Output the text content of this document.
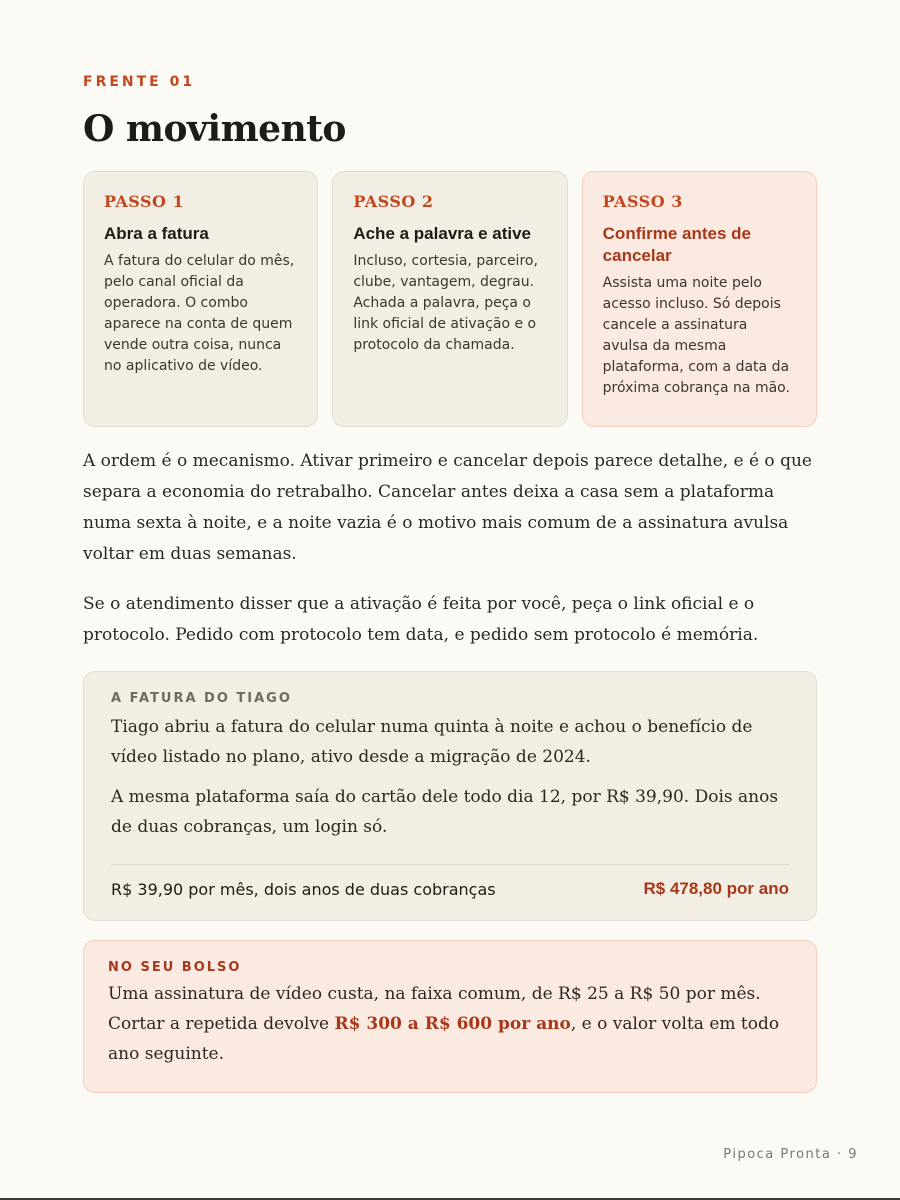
FRENTE 01
O movimento
PASSO 1
Abra a fatura
A fatura do celular do mês, pelo canal oficial da operadora. O combo aparece na conta de quem vende outra coisa, nunca no aplicativo de vídeo.
PASSO 2
Ache a palavra e ative
Incluso, cortesia, parceiro, clube, vantagem, degrau. Achada a palavra, peça o link oficial de ativação e o protocolo da chamada.
PASSO 3
Confirme antes de cancelar
Assista uma noite pelo acesso incluso. Só depois cancele a assinatura avulsa da mesma plataforma, com a data da próxima cobrança na mão.

A ordem é o mecanismo. Ativar primeiro e cancelar depois parece detalhe, e é o que separa a economia do retrabalho. Cancelar antes deixa a casa sem a plataforma numa sexta à noite, e a noite vazia é o motivo mais comum de a assinatura avulsa voltar em duas semanas.

Se o atendimento disser que a ativação é feita por você, peça o link oficial e o protocolo. Pedido com protocolo tem data, e pedido sem protocolo é memória.

A FATURA DO TIAGO

Tiago abriu a fatura do celular numa quinta à noite e achou o benefício de vídeo listado no plano, ativo desde a migração de 2024.

A mesma plataforma saía do cartão dele todo dia 12, por R$ 39,90. Dois anos de duas cobranças, um login só.

R$ 39,90 por mês, dois anos de duas cobranças	R$ 478,80 por ano
NO SEU BOLSO

Uma assinatura de vídeo custa, na faixa comum, de R$ 25 a R$ 50 por mês. Cortar a repetida devolve R$ 300 a R$ 600 por ano, e o valor volta em todo ano seguinte.

Pipoca Pronta · 9
